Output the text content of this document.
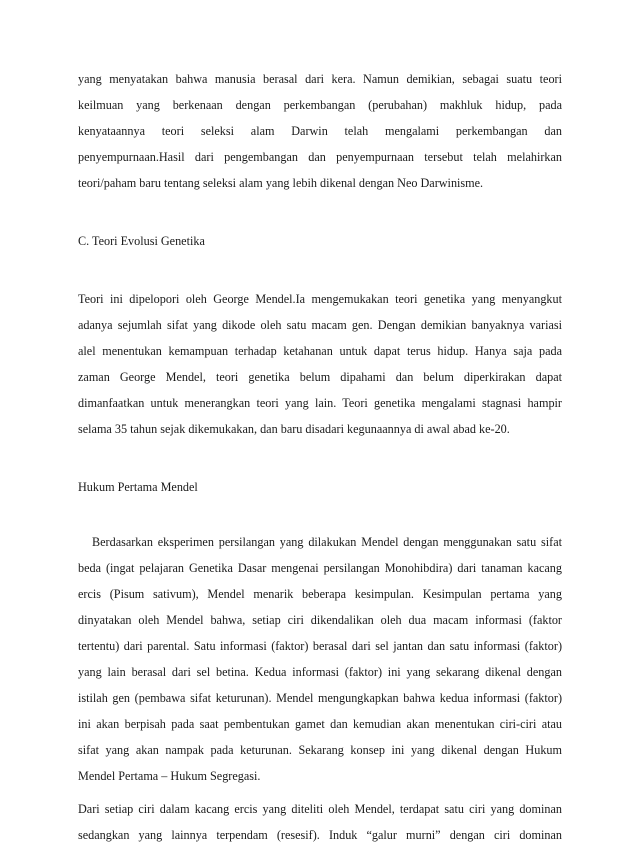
yang menyatakan bahwa manusia berasal dari kera. Namun demikian, sebagai suatu teori
keilmuan yang berkenaan dengan perkembangan (perubahan) makhluk hidup, pada
kenyataannya teori seleksi alam Darwin telah mengalami perkembangan dan
penyempurnaan.Hasil dari pengembangan dan penyempurnaan tersebut telah melahirkan
teori/paham baru tentang seleksi alam yang lebih dikenal dengan Neo Darwinisme.
C. Teori Evolusi Genetika
Teori ini dipelopori oleh George Mendel.Ia mengemukakan teori genetika yang menyangkut
adanya sejumlah sifat yang dikode oleh satu macam gen. Dengan demikian banyaknya variasi
alel menentukan kemampuan terhadap ketahanan untuk dapat terus hidup. Hanya saja pada
zaman George Mendel, teori genetika belum dipahami dan belum diperkirakan dapat
dimanfaatkan untuk menerangkan teori yang lain. Teori genetika mengalami stagnasi hampir
selama 35 tahun sejak dikemukakan, dan baru disadari kegunaannya di awal abad ke-20.
Hukum Pertama Mendel
Berdasarkan eksperimen persilangan yang dilakukan Mendel dengan menggunakan satu sifat
beda (ingat pelajaran Genetika Dasar mengenai persilangan Monohibdira) dari tanaman kacang
ercis (Pisum sativum), Mendel menarik beberapa kesimpulan. Kesimpulan pertama yang
dinyatakan oleh Mendel bahwa, setiap ciri dikendalikan oleh dua macam informasi (faktor
tertentu) dari parental. Satu informasi (faktor) berasal dari sel jantan dan satu informasi (faktor)
yang lain berasal dari sel betina. Kedua informasi (faktor) ini yang sekarang dikenal dengan
istilah gen (pembawa sifat keturunan). Mendel mengungkapkan bahwa kedua informasi (faktor)
ini akan berpisah pada saat pembentukan gamet dan kemudian akan menentukan ciri-ciri atau
sifat yang akan nampak pada keturunan. Sekarang konsep ini yang dikenal dengan Hukum
Mendel Pertama – Hukum Segregasi.
Dari setiap ciri dalam kacang ercis yang diteliti oleh Mendel, terdapat satu ciri yang dominan
sedangkan yang lainnya terpendam (resesif). Induk “galur murni” dengan ciri dominan
